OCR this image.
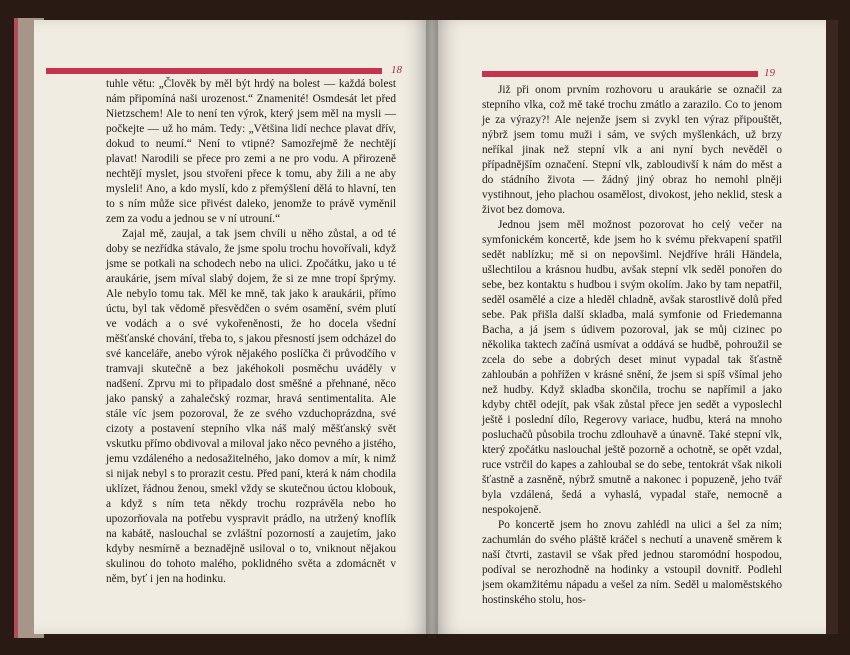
18

tuhle větu: „Člověk by měl být hrdý na bolest — každá bolest nám připomíná naši urozenost.“ Znamenité! Osmdesát let před Nietzschem! Ale to není ten výrok, který jsem měl na mysli — počkejte — už ho mám. Tedy: „Většina lidí nechce plavat dřív, dokud to neumí.“ Není to vtipné? Samozřejmě že nechtějí plavat! Narodili se přece pro zemi a ne pro vodu. A přirozeně nechtějí myslet, jsou stvořeni přece k tomu, aby žili a ne aby mysleli! Ano, a kdo myslí, kdo z přemýšlení dělá to hlavní, ten to s ním může sice přivést daleko, jenomže to právě vyměnil zem za vodu a jednou se v ní utrouní.“

Zajal mě, zaujal, a tak jsem chvíli u něho zůstal, a od té doby se nezřídka stávalo, že jsme spolu trochu hovořívali, když jsme se potkali na schodech nebo na ulici. Zpočátku, jako u té araukárie, jsem míval slabý dojem, že si ze mne tropí šprýmy. Ale nebylo tomu tak. Měl ke mně, tak jako k araukárii, přímo úctu, byl tak vědomě přesvědčen o svém osamění, svém plutí ve vodách a o své vykořeněnosti, že ho docela všední měšťanské chování, třeba to, s jakou přesností jsem odcházel do své kanceláře, anebo výrok nějakého poslíčka či průvodčího v tramvaji skutečně a bez jakéhokoli posměchu uváděly v nadšení. Zprvu mi to připadalo dost směšné a přehnané, něco jako panský a zahalečský rozmar, hravá sentimentalita. Ale stále víc jsem pozoroval, že ze svého vzduchoprázdna, své cizoty a postavení stepního vlka náš malý měšťanský svět vskutku přímo obdivoval a miloval jako něco pevného a jistého, jemu vzdáleného a nedosažitelného, jako domov a mír, k nimž si nijak nebyl s to prorazit cestu. Před paní, která k nám chodila uklízet, řádnou ženou, smekl vždy se skutečnou úctou klobouk, a když s ním teta někdy trochu rozprávěla nebo ho upozorňovala na potřebu vyspravit prádlo, na utržený knoflík na kabátě, naslouchal se zvláštní pozorností a zaujetím, jako kdyby nesmírně a beznadějně usiloval o to, vniknout nějakou skulinou do tohoto malého, poklidného světa a zdomácnět v něm, byť i jen na hodinku.

19

Již při onom prvním rozhovoru u araukárie se označil za stepního vlka, což mě také trochu zmátlo a zarazilo. Co to jenom je za výrazy?! Ale nejenže jsem si zvykl ten výraz připouštět, nýbrž jsem tomu muži i sám, ve svých myšlenkách, už brzy neříkal jinak než stepní vlk a ani nyní bych nevěděl o případnějším označení. Stepní vlk, zabloudivší k nám do měst a do stádního života — žádný jiný obraz ho nemohl plněji vystihnout, jeho plachou osamělost, divokost, jeho neklid, stesk a život bez domova.

Jednou jsem měl možnost pozorovat ho celý večer na symfonickém koncertě, kde jsem ho k svému překvapení spatřil sedět nablízku; mě si on nepovšiml. Nejdříve hráli Händela, ušlechtilou a krásnou hudbu, avšak stepní vlk seděl ponořen do sebe, bez kontaktu s hudbou i svým okolím. Jako by tam nepatřil, seděl osamělé a cize a hleděl chladně, avšak starostlivě dolů před sebe. Pak přišla další skladba, malá symfonie od Friedemanna Bacha, a já jsem s údivem pozoroval, jak se můj cizinec po několika taktech začíná usmívat a oddává se hudbě, pohroužil se zcela do sebe a dobrých deset minut vypadal tak šťastně zahloubán a pohřížen v krásné snění, že jsem si spíš všímal jeho než hudby. Když skladba skončila, trochu se napřímil a jako kdyby chtěl odejít, pak však zůstal přece jen sedět a vyposlechl ještě i poslední dílo, Regerovy variace, hudbu, která na mnoho posluchačů působila trochu zdlouhavě a únavně. Také stepní vlk, který zpočátku naslouchal ještě pozorně a ochotně, se opět vzdal, ruce vstrčil do kapes a zahloubal se do sebe, tentokrát však nikoli šťastně a zasněně, nýbrž smutně a nakonec i popuzeně, jeho tvář byla vzdálená, šedá a vyhaslá, vypadal staře, nemocně a nespokojeně.

Po koncertě jsem ho znovu zahlédl na ulici a šel za ním; zachumlán do svého pláště kráčel s nechutí a unaveně směrem k naší čtvrti, zastavil se však před jednou staromódní hospodou, podíval se nerozhodně na hodinky a vstoupil dovnitř. Podlehl jsem okamžitému nápadu a vešel za ním. Seděl u maloměstského hostinského stolu, hos-
